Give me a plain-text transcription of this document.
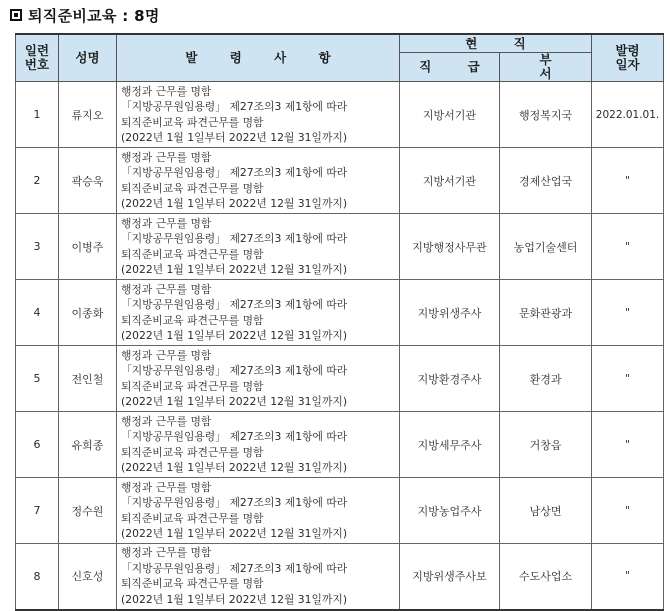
퇴직준비교육 : 8명
일련
번호	성명	발 령 사 항	현 직		발령
일자
			직 급	부 서	
1	류지오	행정과 근무를 명함
「지방공무원임용령」 제27조의3 제1항에 따라
퇴직준비교육 파견근무를 명함
(2022년 1월 1일부터 2022년 12월 31일까지)	지방서기관	행정복지국	2022.01.01.
2	곽승욱	행정과 근무를 명함
「지방공무원임용령」 제27조의3 제1항에 따라
퇴직준비교육 파견근무를 명함
(2022년 1월 1일부터 2022년 12월 31일까지)	지방서기관	경제산업국	"
3	이병주	행정과 근무를 명함
「지방공무원임용령」 제27조의3 제1항에 따라
퇴직준비교육 파견근무를 명함
(2022년 1월 1일부터 2022년 12월 31일까지)	지방행정사무관	농업기술센터	"
4	이종화	행정과 근무를 명함
「지방공무원임용령」 제27조의3 제1항에 따라
퇴직준비교육 파견근무를 명함
(2022년 1월 1일부터 2022년 12월 31일까지)	지방위생주사	문화관광과	"
5	전인철	행정과 근무를 명함
「지방공무원임용령」 제27조의3 제1항에 따라
퇴직준비교육 파견근무를 명함
(2022년 1월 1일부터 2022년 12월 31일까지)	지방환경주사	환경과	"
6	유희종	행정과 근무를 명함
「지방공무원임용령」 제27조의3 제1항에 따라
퇴직준비교육 파견근무를 명함
(2022년 1월 1일부터 2022년 12월 31일까지)	지방세무주사	거창읍	"
7	정수원	행정과 근무를 명함
「지방공무원임용령」 제27조의3 제1항에 따라
퇴직준비교육 파견근무를 명함
(2022년 1월 1일부터 2022년 12월 31일까지)	지방농업주사	남상면	"
8	신호성	행정과 근무를 명함
「지방공무원임용령」 제27조의3 제1항에 따라
퇴직준비교육 파견근무를 명함
(2022년 1월 1일부터 2022년 12월 31일까지)	지방위생주사보	수도사업소	"
